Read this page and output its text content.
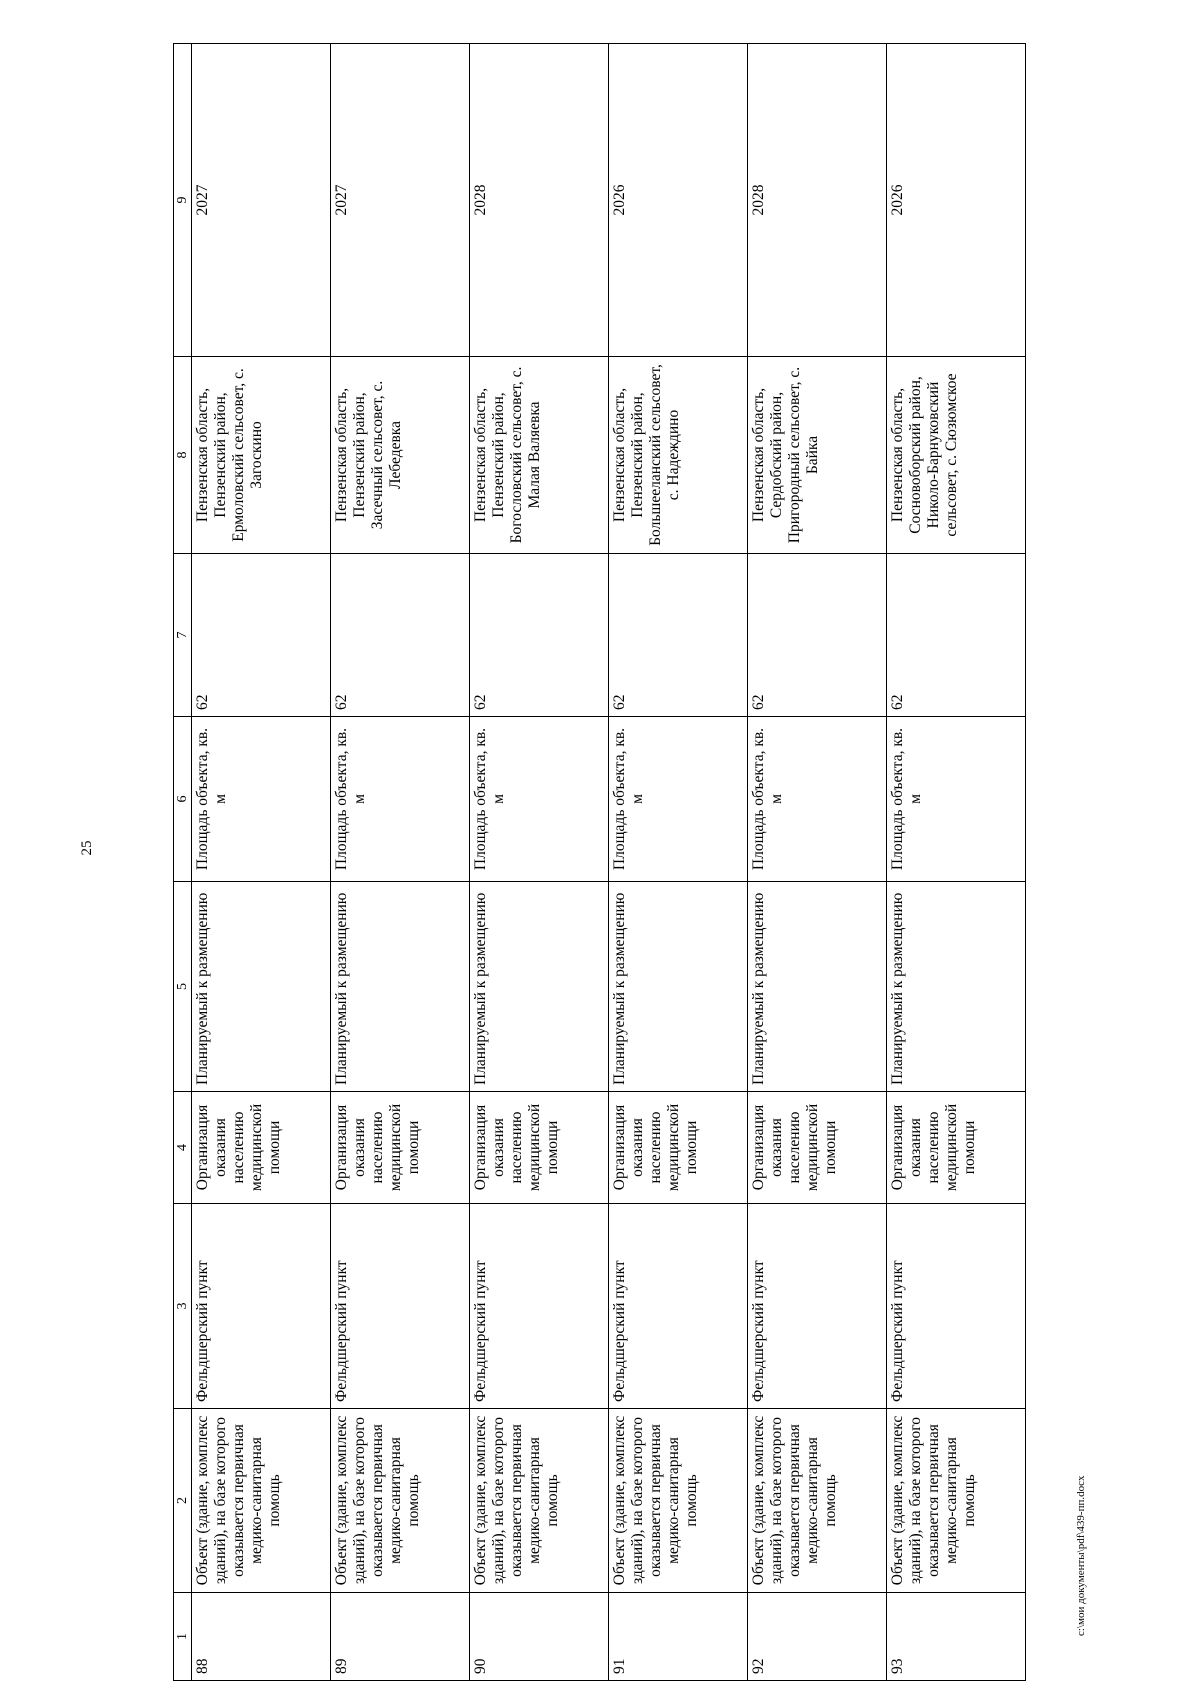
25
1	2	3	4	5	6	7	8	9
88	Объект (здание, комплекс зданий), на базе которого оказывается первичная медико-санитарная помощь	Фельдшерский пункт	Организация оказания населению медицинской помощи	Планируемый к размещению	Площадь объекта, кв. м	62	Пензенская область, Пензенский район, Ермоловский сельсовет, с. Загоскино	2027
89	Объект (здание, комплекс зданий), на базе которого оказывается первичная медико-санитарная помощь	Фельдшерский пункт	Организация оказания населению медицинской помощи	Планируемый к размещению	Площадь объекта, кв. м	62	Пензенская область, Пензенский район, Засечный сельсовет, с. Лебедевка	2027
90	Объект (здание, комплекс зданий), на базе которого оказывается первичная медико-санитарная помощь	Фельдшерский пункт	Организация оказания населению медицинской помощи	Планируемый к размещению	Площадь объекта, кв. м	62	Пензенская область, Пензенский район, Богословский сельсовет, с. Малая Валяевка	2028
91	Объект (здание, комплекс зданий), на базе которого оказывается первичная медико-санитарная помощь	Фельдшерский пункт	Организация оказания населению медицинской помощи	Планируемый к размещению	Площадь объекта, кв. м	62	Пензенская область, Пензенский район, Большееланский сельсовет, с. Надеждино	2026
92	Объект (здание, комплекс зданий), на базе которого оказывается первичная медико-санитарная помощь	Фельдшерский пункт	Организация оказания населению медицинской помощи	Планируемый к размещению	Площадь объекта, кв. м	62	Пензенская область, Сердобский район, Пригородный сельсовет, с. Байка	2028
93	Объект (здание, комплекс зданий), на базе которого оказывается первичная медико-санитарная помощь	Фельдшерский пункт	Организация оказания населению медицинской помощи	Планируемый к размещению	Площадь объекта, кв. м	62	Пензенская область, Сосновоборский район, Николо-Барнуковский сельсовет, с. Сюзюмское	2026
c:\мои документы\pdf\439-пп.docx
